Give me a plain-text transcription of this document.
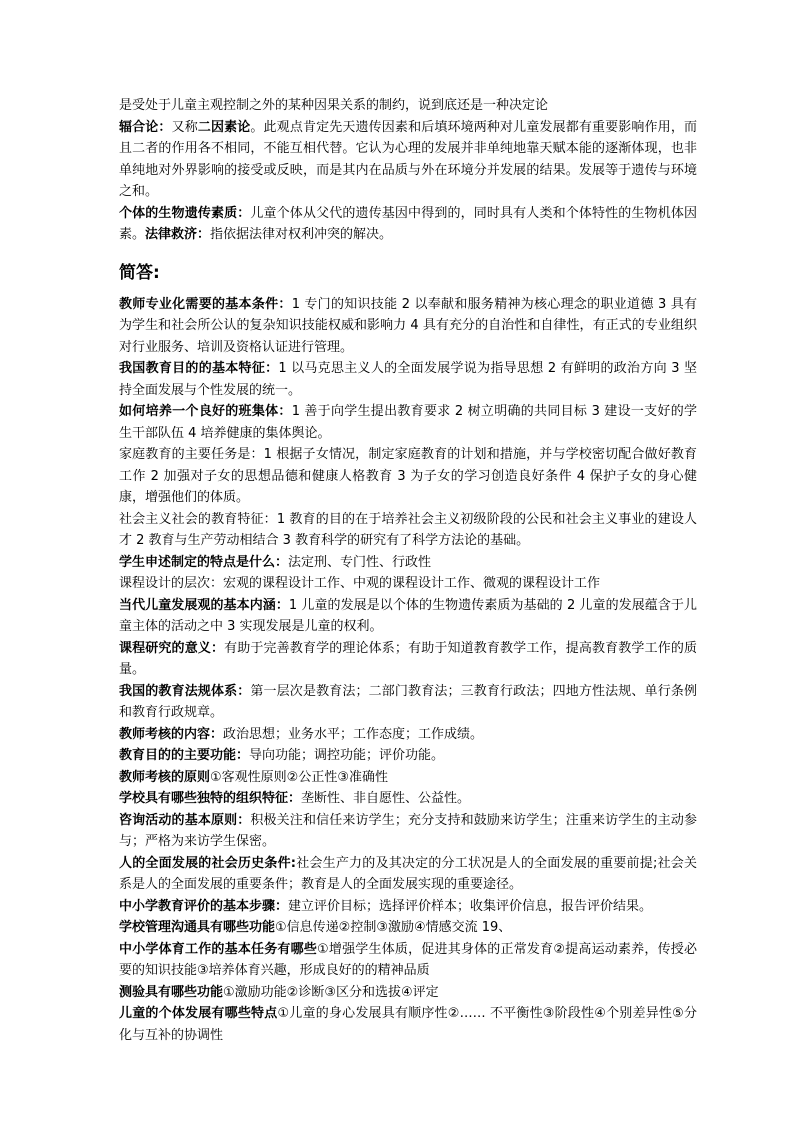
是受处于儿童主观控制之外的某种因果关系的制约，说到底还是一种决定论

辐合论：又称二因素论。此观点肯定先天遗传因素和后填环境两种对儿童发展都有重要影响作用，而且二者的作用各不相同，不能互相代替。它认为心理的发展并非单纯地靠天赋本能的逐渐体现，也非单纯地对外界影响的接受或反映，而是其内在品质与外在环境分并发展的结果。发展等于遗传与环境之和。

个体的生物遗传素质：儿童个体从父代的遗传基因中得到的，同时具有人类和个体特性的生物机体因素。法律救济：指依据法律对权利冲突的解决。

简答:

教师专业化需要的基本条件：1 专门的知识技能 2 以奉献和服务精神为核心理念的职业道德 3 具有为学生和社会所公认的复杂知识技能权威和影响力 4 具有充分的自治性和自律性，有正式的专业组织对行业服务、培训及资格认证进行管理。

我国教育目的的基本特征：1 以马克思主义人的全面发展学说为指导思想 2 有鲜明的政治方向 3 坚持全面发展与个性发展的统一。

如何培养一个良好的班集体：1 善于向学生提出教育要求 2 树立明确的共同目标 3 建设一支好的学生干部队伍 4 培养健康的集体舆论。

家庭教育的主要任务是：1 根据子女情况，制定家庭教育的计划和措施，并与学校密切配合做好教育工作 2 加强对子女的思想品德和健康人格教育 3 为子女的学习创造良好条件 4 保护子女的身心健康，增强他们的体质。

社会主义社会的教育特征：1 教育的目的在于培养社会主义初级阶段的公民和社会主义事业的建设人才 2 教育与生产劳动相结合 3 教育科学的研究有了科学方法论的基础。

学生申述制定的特点是什么：法定刑、专门性、行政性

课程设计的层次：宏观的课程设计工作、中观的课程设计工作、微观的课程设计工作

当代儿童发展观的基本内涵：1 儿童的发展是以个体的生物遗传素质为基础的 2 儿童的发展蕴含于儿童主体的活动之中 3 实现发展是儿童的权利。

课程研究的意义：有助于完善教育学的理论体系；有助于知道教育教学工作，提高教育教学工作的质量。

我国的教育法规体系：第一层次是教育法；二部门教育法；三教育行政法；四地方性法规、单行条例和教育行政规章。

教师考核的内容：政治思想；业务水平；工作态度；工作成绩。

教育目的的主要功能：导向功能；调控功能；评价功能。

教师考核的原则①客观性原则②公正性③准确性

学校具有哪些独特的组织特征：垄断性、非自愿性、公益性。

咨询活动的基本原则：积极关注和信任来访学生；充分支持和鼓励来访学生；注重来访学生的主动参与；严格为来访学生保密。

人的全面发展的社会历史条件:社会生产力的及其决定的分工状况是人的全面发展的重要前提;社会关系是人的全面发展的重要条件；教育是人的全面发展实现的重要途径。

中小学教育评价的基本步骤：建立评价目标；选择评价样本；收集评价信息，报告评价结果。

学校管理沟通具有哪些功能①信息传递②控制③激励④情感交流 19、

中小学体育工作的基本任务有哪些①增强学生体质，促进其身体的正常发育②提高运动素养，传授必要的知识技能③培养体育兴趣，形成良好的的精神品质

测验具有哪些功能①激励功能②诊断③区分和选拔④评定

儿童的个体发展有哪些特点①儿童的身心发展具有顺序性②…… 不平衡性③阶段性④个别差异性⑤分化与互补的协调性
